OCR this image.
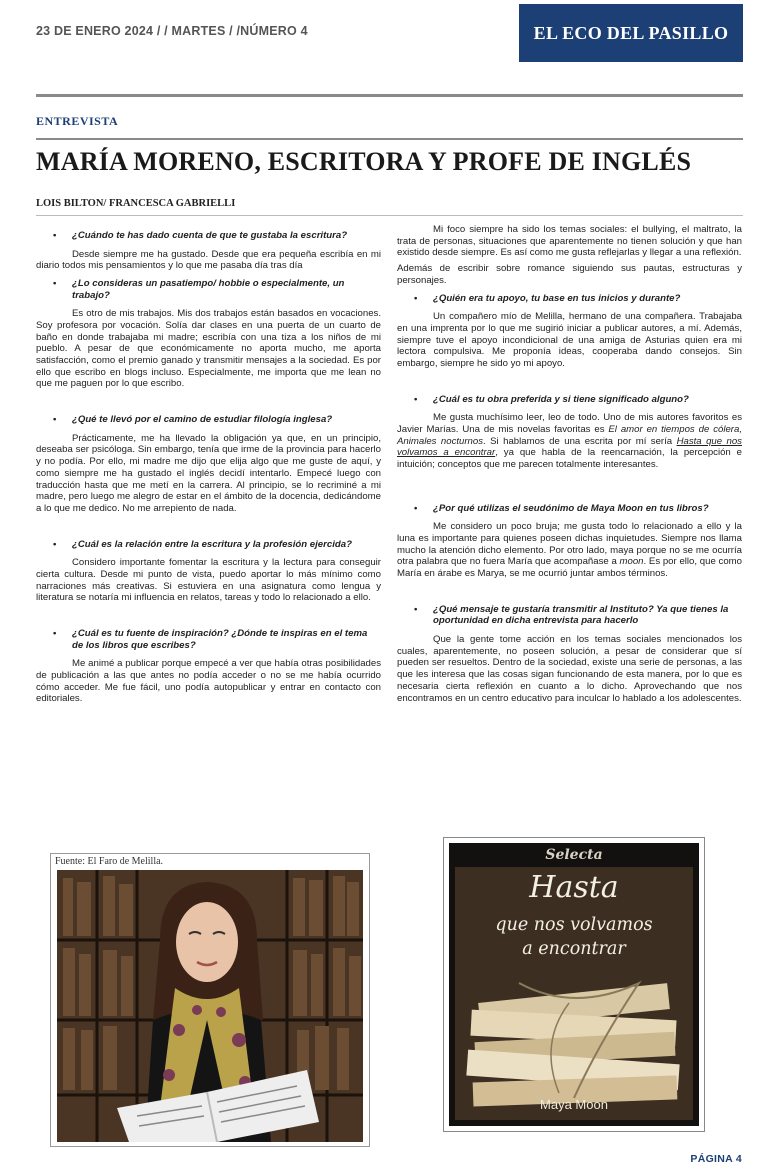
23 DE ENERO 2024 / / MARTES / /NÚMERO 4	EL ECO DEL PASILLO
ENTREVISTA
MARÍA MORENO, ESCRITORA Y PROFE DE INGLÉS
LOIS BILTON/ FRANCESCA GABRIELLI
• ¿Cuándo te has dado cuenta de que te gustaba la escritura?

Desde siempre me ha gustado. Desde que era pequeña escribía en mi diario todos mis pensamientos y lo que me pasaba día tras día

• ¿Lo consideras un pasatiempo/ hobbie o especialmente, un trabajo?

Es otro de mis trabajos. Mis dos trabajos están basados en vocaciones. Soy profesora por vocación. Solía dar clases en una puerta de un cuarto de baño en donde trabajaba mi madre; escribía con una tiza a los niños de mi pueblo. A pesar de que económicamente no aporta mucho, me aporta satisfacción, como el premio ganado y transmitir mensajes a la sociedad. Es por ello que escribo en blogs incluso. Especialmente, me importa que me lean no que me paguen por lo que escribo.

• ¿Qué te llevó por el camino de estudiar filología inglesa?

Prácticamente, me ha llevado la obligación ya que, en un principio, deseaba ser psicóloga. Sin embargo, tenía que irme de la provincia para hacerlo y no podía. Por ello, mi madre me dijo que elija algo que me guste de aquí, y como siempre me ha gustado el inglés decidí intentarlo. Empecé luego con traducción hasta que me metí en la carrera. Al principio, se lo recriminé a mi madre, pero luego me alegro de estar en el ámbito de la docencia, dedicándome a lo que me dedico. No me arrepiento de nada.

• ¿Cuál es la relación entre la escritura y la profesión ejercida?

Considero importante fomentar la escritura y la lectura para conseguir cierta cultura. Desde mi punto de vista, puedo aportar lo más mínimo como narraciones más creativas. Si estuviera en una asignatura como lengua y literatura se notaría mi influencia en relatos, tareas y todo lo relacionado a ello.

• ¿Cuál es tu fuente de inspiración? ¿Dónde te inspiras en el tema de los libros que escribes?

Me animé a publicar porque empecé a ver que había otras posibilidades de publicación a las que antes no podía acceder o no se me había ocurrido cómo acceder. Me fue fácil, uno podía autopublicar y entrar en contacto con editoriales.

Mi foco siempre ha sido los temas sociales: el bullying, el maltrato, la trata de personas, situaciones que aparentemente no tienen solución y que han existido desde siempre. Es así como me gusta reflejarlas y llegar a una reflexión.

Además de escribir sobre romance siguiendo sus pautas, estructuras y personajes.

• ¿Quién era tu apoyo, tu base en tus inicios y durante?

Un compañero mío de Melilla, hermano de una compañera. Trabajaba en una imprenta por lo que me sugirió iniciar a publicar autores, a mí. Además, siempre tuve el apoyo incondicional de una amiga de Asturias quien era mi lectora compulsiva. Me proponía ideas, cooperaba dando consejos. Sin embargo, siempre he sido yo mi apoyo.

• ¿Cuál es tu obra preferida y si tiene significado alguno?

Me gusta muchísimo leer, leo de todo. Uno de mis autores favoritos es Javier Marías. Una de mis novelas favoritas es El amor en tiempos de cólera, Animales nocturnos. Si hablamos de una escrita por mí sería Hasta que nos volvamos a encontrar, ya que habla de la reencarnación, la percepción e intuición; conceptos que me parecen totalmente interesantes.

• ¿Por qué utilizas el seudónimo de Maya Moon en tus libros?

Me considero un poco bruja; me gusta todo lo relacionado a ello y la luna es importante para quienes poseen dichas inquietudes. Siempre nos llama mucho la atención dicho elemento. Por otro lado, maya porque no se me ocurría otra palabra que no fuera María que acompañase a moon. Es por ello, que como María en árabe es Marya, se me ocurrió juntar ambos términos.

• ¿Qué mensaje te gustaría transmitir al Instituto? Ya que tienes la oportunidad en dicha entrevista para hacerlo

Que la gente tome acción en los temas sociales mencionados los cuales, aparentemente, no poseen solución, a pesar de considerar que sí pueden ser resueltos. Dentro de la sociedad, existe una serie de personas, a las que les interesa que las cosas sigan funcionando de esta manera, por lo que es necesaria cierta reflexión en cuanto a lo dicho. Aprovechando que nos encontramos en un centro educativo para inculcar lo hablado a los adolescentes.

Fuente: El Faro de Melilla.	Selecta
Hasta
que nos volvamos
a encontrar
Maya Moon
PÁGINA 4
